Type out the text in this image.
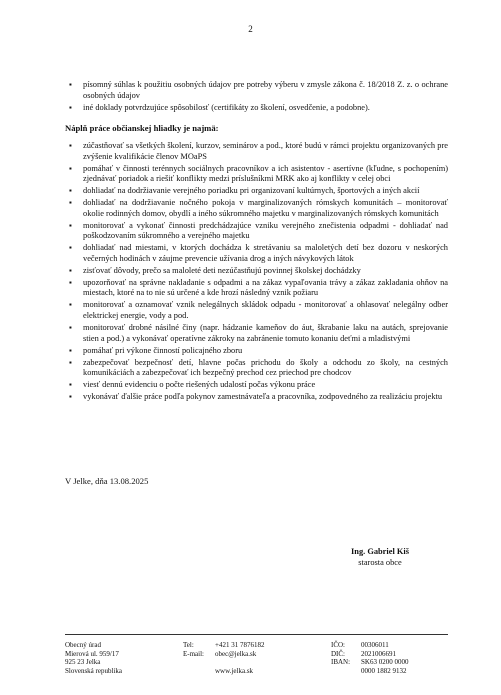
2
▪ písomný súhlas k použitiu osobných údajov pre potreby výberu v zmysle zákona č. 18/2018 Z. z. o ochrane osobných údajov
▪ iné doklady potvrdzujúce spôsobilosť (certifikáty zo školení, osvedčenie, a podobne).
Náplň práce občianskej hliadky je najmä:
▪ zúčastňovať sa všetkých školení, kurzov, seminárov a pod., ktoré budú v rámci projektu organizovaných pre zvýšenie kvalifikácie členov MOaPS
▪ pomáhať v činnosti terénnych sociálnych pracovníkov a ich asistentov - asertívne (kľudne, s pochopením) zjednávať poriadok a riešiť konflikty medzi príslušníkmi MRK ako aj konflikty v celej obci
▪ dohliadať na dodržiavanie verejného poriadku pri organizovaní kultúrnych, športových a iných akcií
▪ dohliadať na dodržiavanie nočného pokoja v marginalizovaných rómskych komunitách – monitorovať okolie rodinných domov, obydlí a iného súkromného majetku v marginalizovaných rómskych komunitách
▪ monitorovať a vykonať činnosti predchádzajúce vzniku verejného znečistenia odpadmi - dohliadať nad poškodzovaním súkromného a verejného majetku
▪ dohliadať nad miestami, v ktorých dochádza k stretávaniu sa maloletých detí bez dozoru v neskorých večerných hodinách v záujme prevencie užívania drog a iných návykových látok
▪ zisťovať dôvody, prečo sa maloleté deti nezúčastňujú povinnej školskej dochádzky
▪ upozorňovať na správne nakladanie s odpadmi a na zákaz vypaľovania trávy a zákaz zakladania ohňov na miestach, ktoré na to nie sú určené a kde hrozí následný vznik požiaru
▪ monitorovať a oznamovať vznik nelegálnych skládok odpadu - monitorovať a ohlasovať nelegálny odber elektrickej energie, vody a pod.
▪ monitorovať drobné násilné činy (napr. hádzanie kameňov do áut, škrabanie laku na autách, sprejovanie stien a pod.) a vykonávať operatívne zákroky na zabránenie tomuto konaniu deťmi a mladistvými
▪ pomáhať pri výkone činností policajného zboru
▪ zabezpečovať bezpečnosť detí, hlavne počas prichodu do školy a odchodu zo školy, na cestných komunikáciách a zabezpečovať ich bezpečný prechod cez priechod pre chodcov
▪ viesť dennú evidenciu o počte riešených udalostí počas výkonu práce
▪ vykonávať ďalšie práce podľa pokynov zamestnávateľa a pracovníka, zodpovedného za realizáciu projektu
V Jelke, dňa 13.08.2025
Ing. Gabriel Kiš
starosta obce
Obecný úrad
Mierová ul. 959/17
925 23 Jelka
Slovenská republika
Tel:	+421 31 7876182
E-mail:	obec@jelka.sk

www.jelka.sk
IČO:	00306011
DIČ:	2021006691
IBAN:	SK63 0200 0000
0000 1882 9132
